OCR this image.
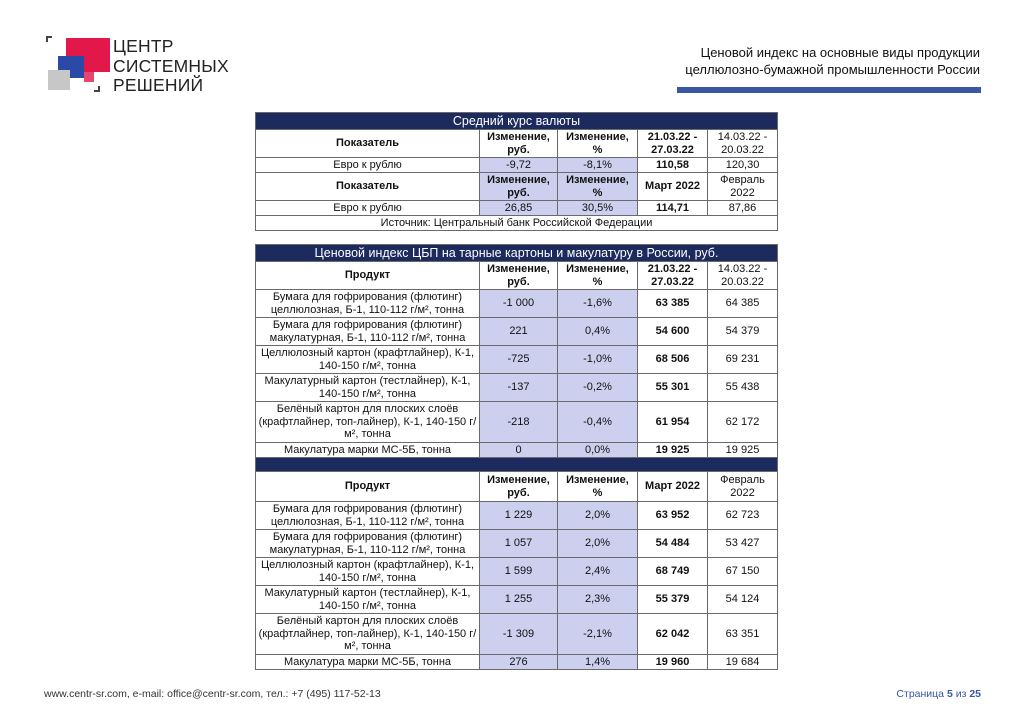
ЦЕНТР
СИСТЕМНЫХ
РЕШЕНИЙ
Ценовой индекс на основные виды продукции
целлюлозно-бумажной промышленности России
Средний курс валюты				
Показатель	Изменение, руб.	Изменение, %	21.03.22 - 27.03.22	14.03.22 - 20.03.22
Евро к рублю	-9,72	-8,1%	110,58	120,30
Показатель	Изменение, руб.	Изменение, %	Март 2022	Февраль 2022
Евро к рублю	26,85	30,5%	114,71	87,86
Источник: Центральный банк Российской Федерации				
Ценовой индекс ЦБП на тарные картоны и макулатуру в России, руб.				
Продукт	Изменение, руб.	Изменение, %	21.03.22 - 27.03.22	14.03.22 - 20.03.22
Бумага для гофрирования (флютинг) целлюлозная, Б-1, 110-112 г/м², тонна	-1 000	-1,6%	63 385	64 385
Бумага для гофрирования (флютинг) макулатурная, Б-1, 110-112 г/м², тонна	221	0,4%	54 600	54 379
Целлюлозный картон (крафтлайнер), К-1, 140-150 г/м², тонна	-725	-1,0%	68 506	69 231
Макулатурный картон (тестлайнер), К-1, 140-150 г/м², тонна	-137	-0,2%	55 301	55 438
Белёный картон для плоских слоёв (крафтлайнер, топ-лайнер), К-1, 140-150 г/м², тонна	-218	-0,4%	61 954	62 172
Макулатура марки МС-5Б, тонна	0	0,0%	19 925	19 925

Продукт	Изменение, руб.	Изменение, %	Март 2022	Февраль 2022
Бумага для гофрирования (флютинг) целлюлозная, Б-1, 110-112 г/м², тонна	1 229	2,0%	63 952	62 723
Бумага для гофрирования (флютинг) макулатурная, Б-1, 110-112 г/м², тонна	1 057	2,0%	54 484	53 427
Целлюлозный картон (крафтлайнер), К-1, 140-150 г/м², тонна	1 599	2,4%	68 749	67 150
Макулатурный картон (тестлайнер), К-1, 140-150 г/м², тонна	1 255	2,3%	55 379	54 124
Белёный картон для плоских слоёв (крафтлайнер, топ-лайнер), К-1, 140-150 г/м², тонна	-1 309	-2,1%	62 042	63 351
Макулатура марки МС-5Б, тонна	276	1,4%	19 960	19 684
www.centr-sr.com, e-mail: office@centr-sr.com, тел.: +7 (495) 117-52-13	Страница 5 из 25
